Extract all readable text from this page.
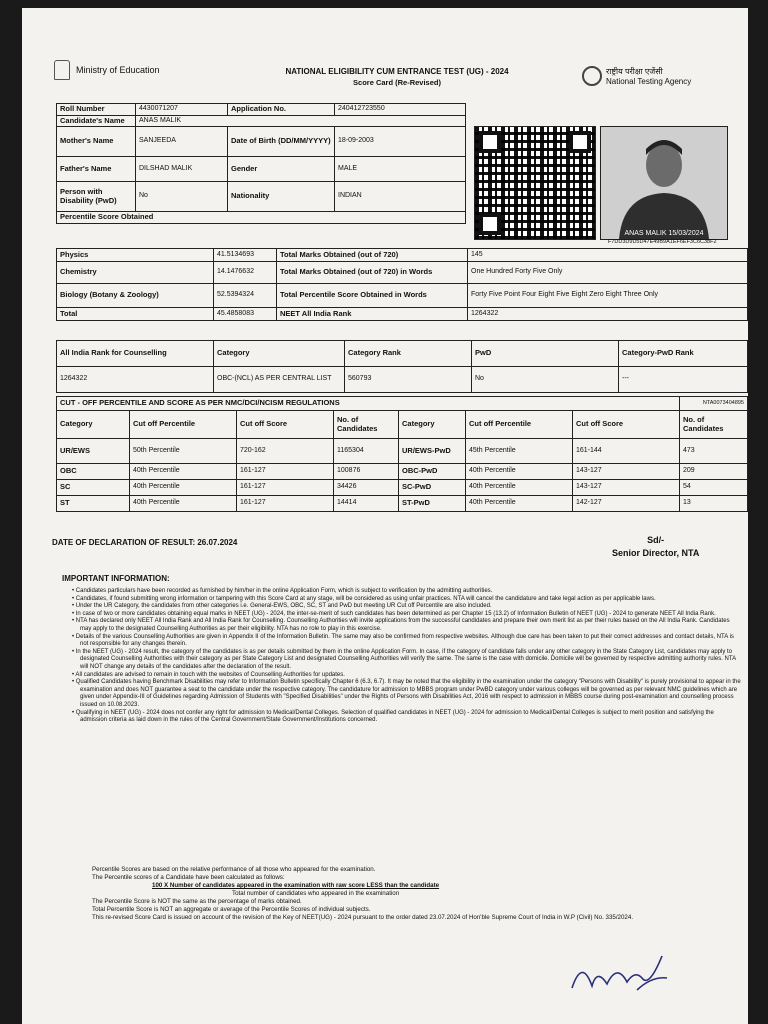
Ministry of Education	NATIONAL ELIGIBILITY CUM ENTRANCE TEST (UG) - 2024
Score Card (Re-Revised)
राष्ट्रीय परीक्षा एजेंसी
National Testing Agency
Roll Number	4430071207	Application No.	240412723550
Candidate's Name	ANAS MALIK		
Mother's Name	SANJEEDA	Date of Birth (DD/MM/YYYY)	18-09-2003
Father's Name	DILSHAD MALIK	Gender	MALE
Person with Disability (PwD)	No	Nationality	INDIAN
Percentile Score Obtained			
ANAS MALIK 15/03/2024
F7DD3D9D5D47E49B9A1EF6EF3C6C38F2
Physics	41.5134693	Total Marks Obtained (out of 720)	145
Chemistry	14.1476632	Total Marks Obtained (out of 720) in Words	One Hundred Forty Five Only
Biology (Botany & Zoology)	52.5394324	Total Percentile Score Obtained in Words	Forty Five Point Four Eight Five Eight Zero Eight Three Only
Total	45.4858083	NEET All India Rank	1264322
All India Rank for Counselling	Category	Category Rank	PwD	Category-PwD Rank
1264322	OBC-(NCL) AS PER CENTRAL LIST	560793	No	---
CUT - OFF PERCENTILE AND SCORE AS PER NMC/DCI/NCISM REGULATIONS							NTA0073404895
Category	Cut off Percentile	Cut off Score	No. of Candidates	Category	Cut off Percentile	Cut off Score	No. of Candidates
UR/EWS	50th Percentile	720-162	1165304	UR/EWS-PwD	45th Percentile	161-144	473
OBC	40th Percentile	161-127	100876	OBC-PwD	40th Percentile	143-127	209
SC	40th Percentile	161-127	34426	SC-PwD	40th Percentile	143-127	54
ST	40th Percentile	161-127	14414	ST-PwD	40th Percentile	142-127	13
DATE OF DECLARATION OF RESULT: 26.07.2024	Sd/-
Senior Director, NTA
IMPORTANT INFORMATION:

• Candidates particulars have been recorded as furnished by him/her in the online Application Form, which is subject to verification by the admitting authorities.

• Candidates, if found submitting wrong information or tampering with this Score Card at any stage, will be considered as using unfair practices. NTA will cancel the candidature and take legal action as per applicable laws.

• Under the UR Category, the candidates from other categories i.e. General-EWS, OBC, SC, ST and PwD but meeting UR Cut off Percentile are also included.

• In case of two or more candidates obtaining equal marks in NEET (UG) - 2024, the inter-se-merit of such candidates has been determined as per Chapter 15 (13.2) of Information Bulletin of NEET (UG) - 2024 to generate NEET All India Rank.

• NTA has declared only NEET All India Rank and All India Rank for Counselling. Counselling Authorities will invite applications from the successful candidates and prepare their own merit list as per their rules based on the All India Rank. Candidates may apply to the designated Counselling Authorities as per their eligibility. NTA has no role to play in this exercise.

• Details of the various Counselling Authorities are given in Appendix II of the Information Bulletin. The same may also be confirmed from respective websites. Although due care has been taken to put their correct addresses and contact details, NTA is not responsible for any changes therein.

• In the NEET (UG) - 2024 result, the category of the candidates is as per details submitted by them in the online Application Form. In case, if the category of candidate falls under any other category in the State Category List, candidates may apply to designated Counselling Authorities with their category as per State Category List and designated Counselling Authorities will verify the same. The same is the case with domicile. Domicile will be governed by respective admitting authority rules. NTA will NOT change any details of the candidates after the declaration of the result.

• All candidates are advised to remain in touch with the websites of Counselling Authorities for updates.

• Qualified Candidates having Benchmark Disabilities may refer to Information Bulletin specifically Chapter 6 (6.3, 6.7). It may be noted that the eligibility in the examination under the category "Persons with Disability" is purely provisional to appear in the examination and does NOT guarantee a seat to the candidate under the respective category. The candidature for admission to MBBS program under PwBD category under various colleges will be governed as per relevant NMC guidelines which are given under Appendix-III of Guidelines regarding Admission of Students with "Specified Disabilities" under the Rights of Persons with Disabilities Act, 2016 with respect to admission in MBBS course during post-examination and counselling process issued on 10.08.2023.

• Qualifying in NEET (UG) - 2024 does not confer any right for admission to Medical/Dental Colleges. Selection of qualified candidates in NEET (UG) - 2024 for admission to Medical/Dental Colleges is subject to merit position and satisfying the admission criteria as laid down in the rules of the Central Government/State Government/Institutions concerned.

Percentile Scores are based on the relative performance of all those who appeared for the examination.
The Percentile scores of a Candidate have been calculated as follows:
100 X Number of candidates appeared in the examination with raw score LESS than the candidate
Total number of candidates who appeared in the examination
The Percentile Score is NOT the same as the percentage of marks obtained.
Total Percentile Score is NOT an aggregate or average of the Percentile Scores of individual subjects.
This re-revised Score Card is issued on account of the revision of the Key of NEET(UG) - 2024 pursuant to the order dated 23.07.2024 of Hon'ble Supreme Court of India in W.P (Civil) No. 335/2024.
